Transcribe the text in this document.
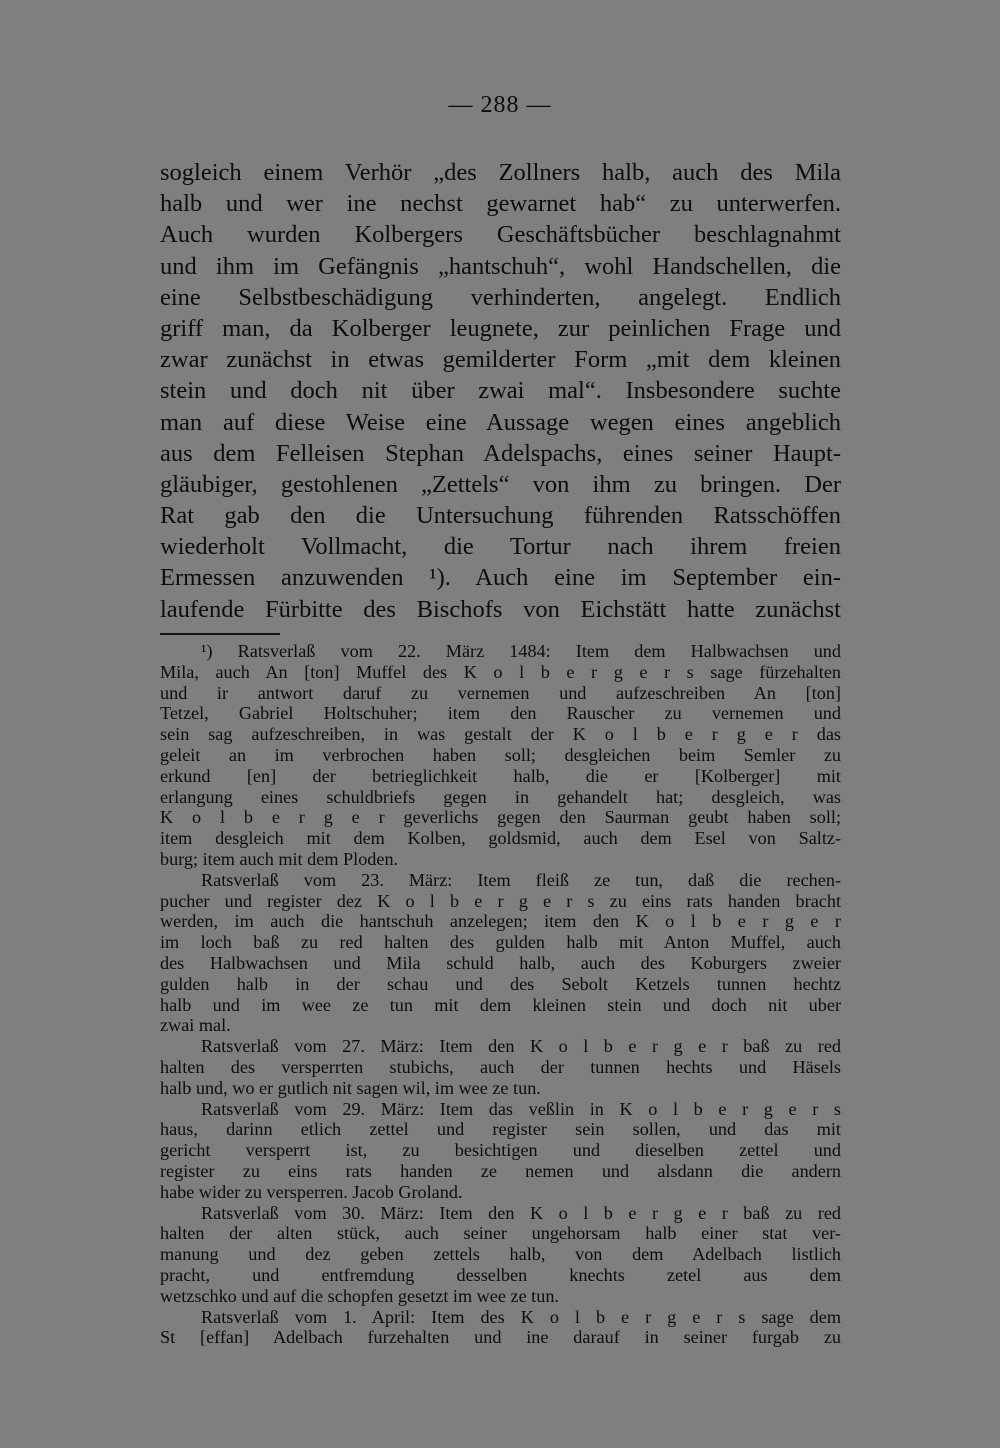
— 288 —
sogleich einem Verhör „des Zollners halb, auch des Mila
halb und wer ine nechst gewarnet hab“ zu unterwerfen.
Auch wurden Kolbergers Geschäftsbücher beschlagnahmt
und ihm im Gefängnis „hantschuh“, wohl Handschellen, die
eine Selbstbeschädigung verhinderten, angelegt. Endlich
griff man, da Kolberger leugnete, zur peinlichen Frage und
zwar zunächst in etwas gemilderter Form „mit dem kleinen
stein und doch nit über zwai mal“. Insbesondere suchte
man auf diese Weise eine Aussage wegen eines angeblich
aus dem Felleisen Stephan Adelspachs, eines seiner Haupt-
gläubiger, gestohlenen „Zettels“ von ihm zu bringen. Der
Rat gab den die Untersuchung führenden Ratsschöffen
wiederholt Vollmacht, die Tortur nach ihrem freien
Ermessen anzuwenden ¹). Auch eine im September ein-
laufende Fürbitte des Bischofs von Eichstätt hatte zunächst
¹) Ratsverlaß vom 22. März 1484: Item dem Halbwachsen und
Mila, auch An [ton] Muffel des K o l b e r g e r s sage fürzehalten
und ir antwort daruf zu vernemen und aufzeschreiben An [ton]
Tetzel, Gabriel Holtschuher; item den Rauscher zu vernemen und
sein sag aufzeschreiben, in was gestalt der K o l b e r g e r das
geleit an im verbrochen haben soll; desgleichen beim Semler zu
erkund [en] der betrieglichkeit halb, die er [Kolberger] mit
erlangung eines schuldbriefs gegen in gehandelt hat; desgleich, was
K o l b e r g e r geverlichs gegen den Saurman geubt haben soll;
item desgleich mit dem Kolben, goldsmid, auch dem Esel von Saltz-
burg; item auch mit dem Ploden.
Ratsverlaß vom 23. März: Item fleiß ze tun, daß die rechen-
pucher und register dez K o l b e r g e r s zu eins rats handen bracht
werden, im auch die hantschuh anzelegen; item den K o l b e r g e r
im loch baß zu red halten des gulden halb mit Anton Muffel, auch
des Halbwachsen und Mila schuld halb, auch des Koburgers zweier
gulden halb in der schau und des Sebolt Ketzels tunnen hechtz
halb und im wee ze tun mit dem kleinen stein und doch nit uber
zwai mal.
Ratsverlaß vom 27. März: Item den K o l b e r g e r baß zu red
halten des versperrten stubichs, auch der tunnen hechts und Häsels
halb und, wo er gutlich nit sagen wil, im wee ze tun.
Ratsverlaß vom 29. März: Item das veßlin in K o l b e r g e r s
haus, darinn etlich zettel und register sein sollen, und das mit
gericht versperrt ist, zu besichtigen und dieselben zettel und
register zu eins rats handen ze nemen und alsdann die andern
habe wider zu versperren. Jacob Groland.
Ratsverlaß vom 30. März: Item den K o l b e r g e r baß zu red
halten der alten stück, auch seiner ungehorsam halb einer stat ver-
manung und dez geben zettels halb, von dem Adelbach listlich
pracht, und entfremdung desselben knechts zetel aus dem
wetzschko und auf die schopfen gesetzt im wee ze tun.
Ratsverlaß vom 1. April: Item des K o l b e r g e r s sage dem
St [effan] Adelbach furzehalten und ine darauf in seiner furgab zu
